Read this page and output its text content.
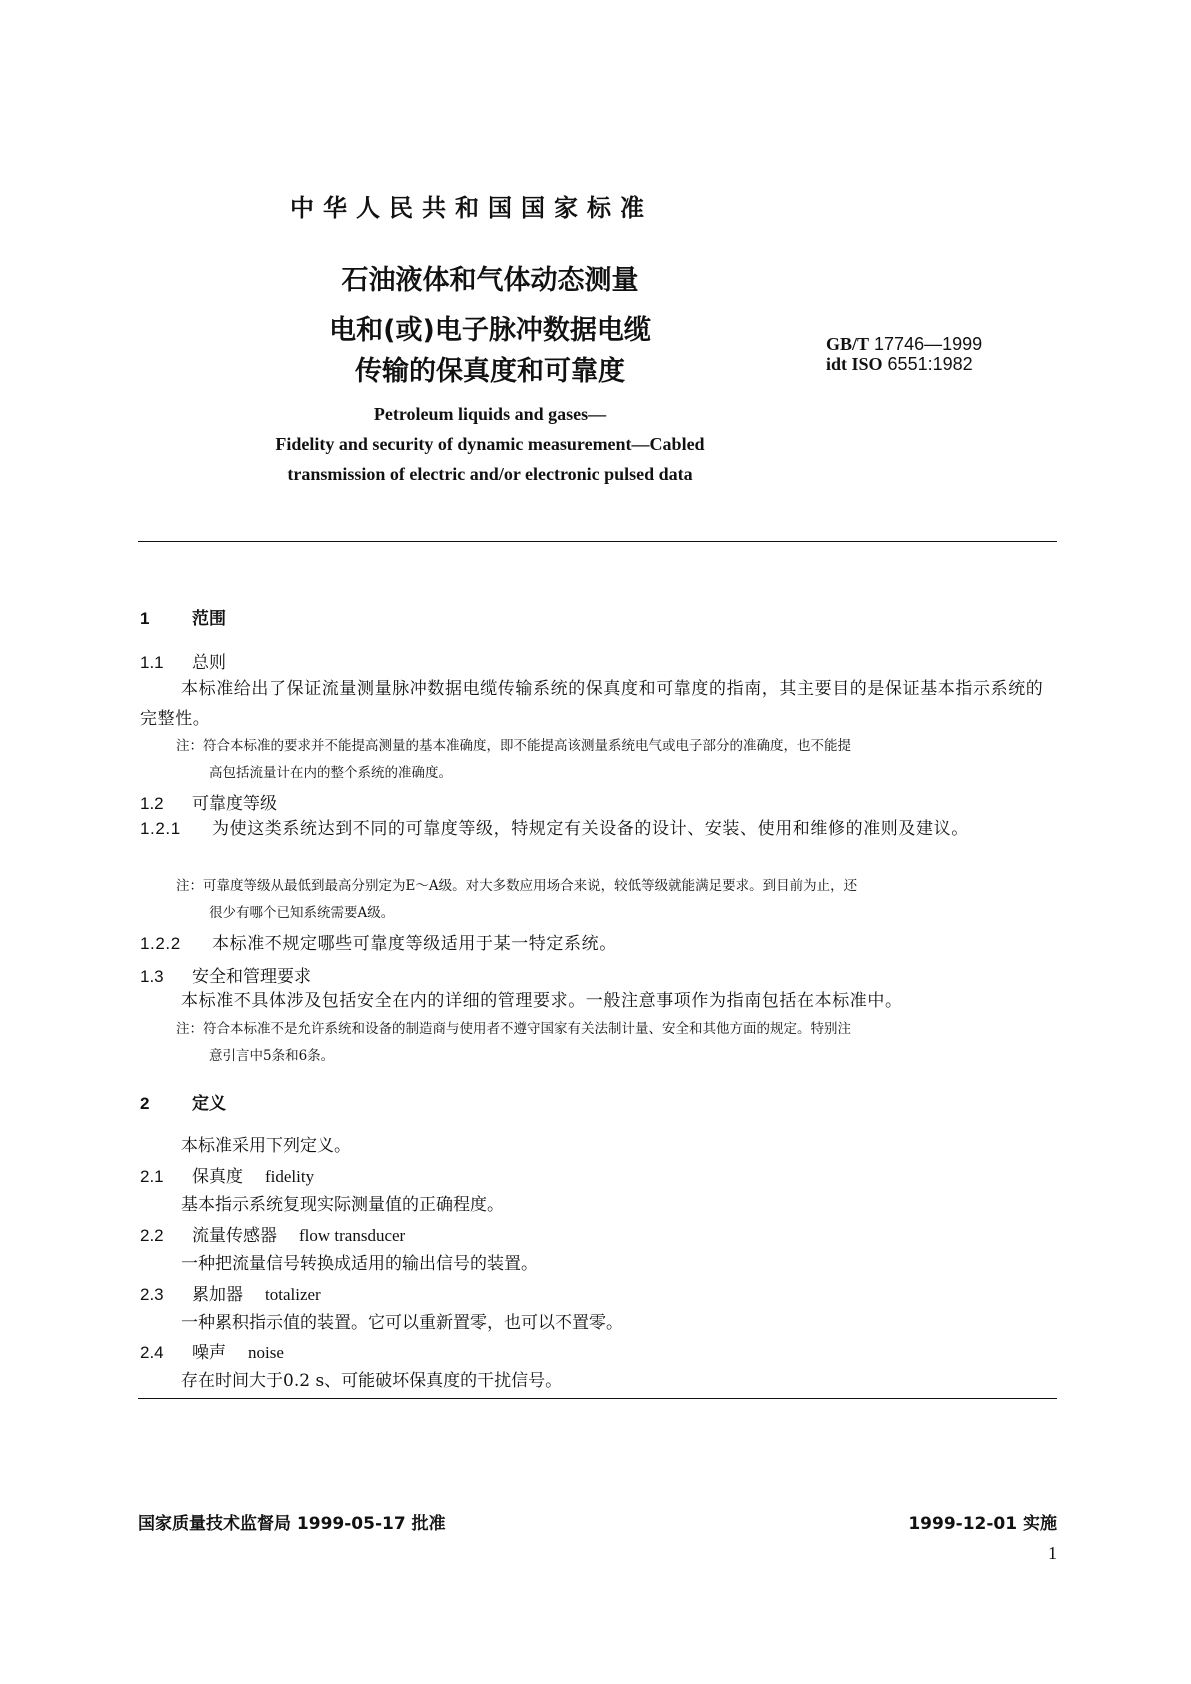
中华人民共和国国家标准
石油液体和气体动态测量
电和(或)电子脉冲数据电缆
传输的保真度和可靠度
GB/T 17746—1999
idt ISO 6551:1982
Petroleum liquids and gases—
Fidelity and security of dynamic measurement—Cabled
transmission of electric and/or electronic pulsed data
1	范围
1.1 总则
本标准给出了保证流量测量脉冲数据电缆传输系统的保真度和可靠度的指南，其主要目的是保证基本指示系统的完整性。
注：符合本标准的要求并不能提高测量的基本准确度，即不能提高该测量系统电气或电子部分的准确度，也不能提
高包括流量计在内的整个系统的准确度。
1.2 可靠度等级
1.2.1 为使这类系统达到不同的可靠度等级，特规定有关设备的设计、安装、使用和维修的准则及建议。
注：可靠度等级从最低到最高分别定为E～A级。对大多数应用场合来说，较低等级就能满足要求。到目前为止，还
很少有哪个已知系统需要A级。
1.2.2 本标准不规定哪些可靠度等级适用于某一特定系统。
1.3 安全和管理要求
本标准不具体涉及包括安全在内的详细的管理要求。一般注意事项作为指南包括在本标准中。
注：符合本标准不是允许系统和设备的制造商与使用者不遵守国家有关法制计量、安全和其他方面的规定。特别注
意引言中5条和6条。
2	定义
本标准采用下列定义。
2.1 保真度 fidelity
基本指示系统复现实际测量值的正确程度。
2.2 流量传感器 flow transducer
一种把流量信号转换成适用的输出信号的装置。
2.3 累加器 totalizer
一种累积指示值的装置。它可以重新置零，也可以不置零。
2.4 噪声 noise
存在时间大于0.2 s、可能破坏保真度的干扰信号。
国家质量技术监督局 1999-05-17 批准	1999-12-01 实施
1
